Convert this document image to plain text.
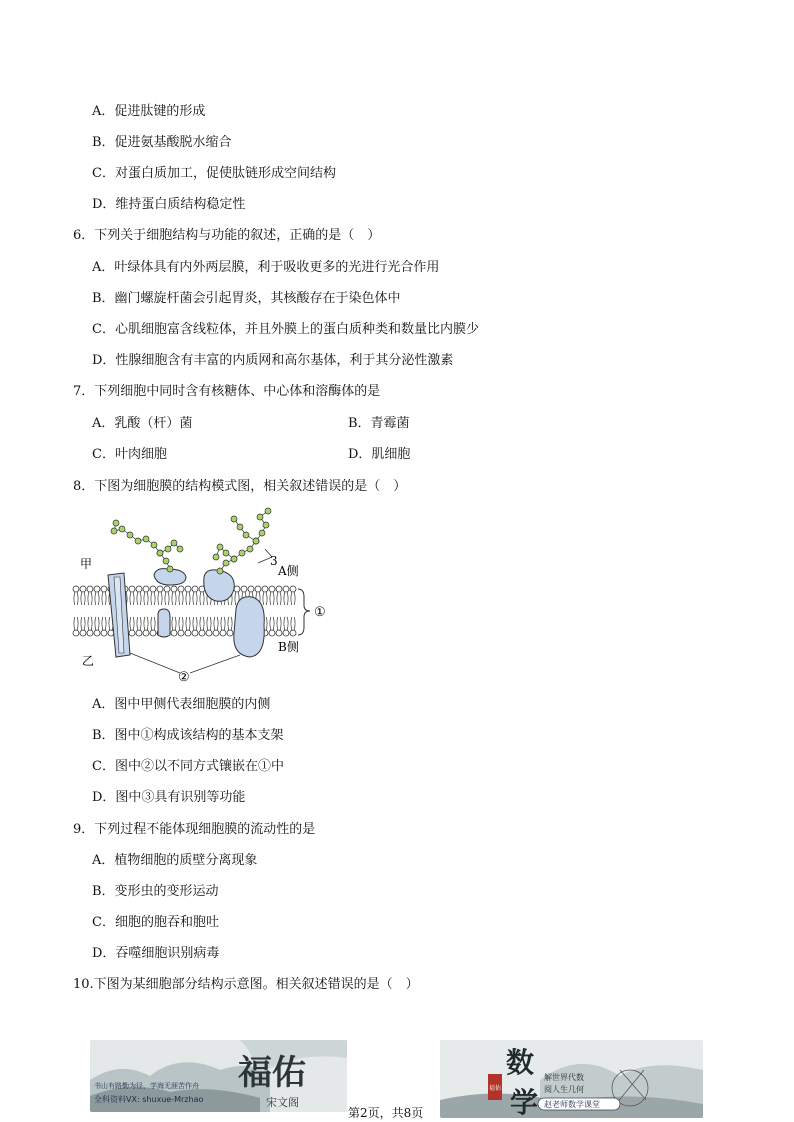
A．促进肽键的形成
B．促进氨基酸脱水缩合
C．对蛋白质加工，促使肽链形成空间结构
D．维持蛋白质结构稳定性
6．下列关于细胞结构与功能的叙述，正确的是（　）
A．叶绿体具有内外两层膜，利于吸收更多的光进行光合作用
B．幽门螺旋杆菌会引起胃炎，其核酸存在于染色体中
C．心肌细胞富含线粒体，并且外膜上的蛋白质种类和数量比内膜少
D．性腺细胞含有丰富的内质网和高尔基体，利于其分泌性激素
7．下列细胞中同时含有核糖体、中心体和溶酶体的是
A．乳酸（杆）菌	B．青霉菌
C．叶肉细胞	D．肌细胞
8．下图为细胞膜的结构模式图，相关叙述错误的是（　）
甲
乙
3
A侧
B侧
①
②
A．图中甲侧代表细胞膜的内侧
B．图中①构成该结构的基本支架
C．图中②以不同方式镶嵌在①中
D．图中③具有识别等功能
9．下列过程不能体现细胞膜的流动性的是
A．植物细胞的质壁分离现象
B．变形虫的变形运动
C．细胞的胞吞和胞吐
D．吞噬细胞识别病毒
10.下图为某细胞部分结构示意图。相关叙述错误的是（　）
福佑
宋文阁
书山有路勤为径，学海无涯苦作舟
全科资料VX: shuxue-Mrzhao
第2页，共8页
数
学
福佑
解世界代数
阅人生几何
赵老师数学课堂
